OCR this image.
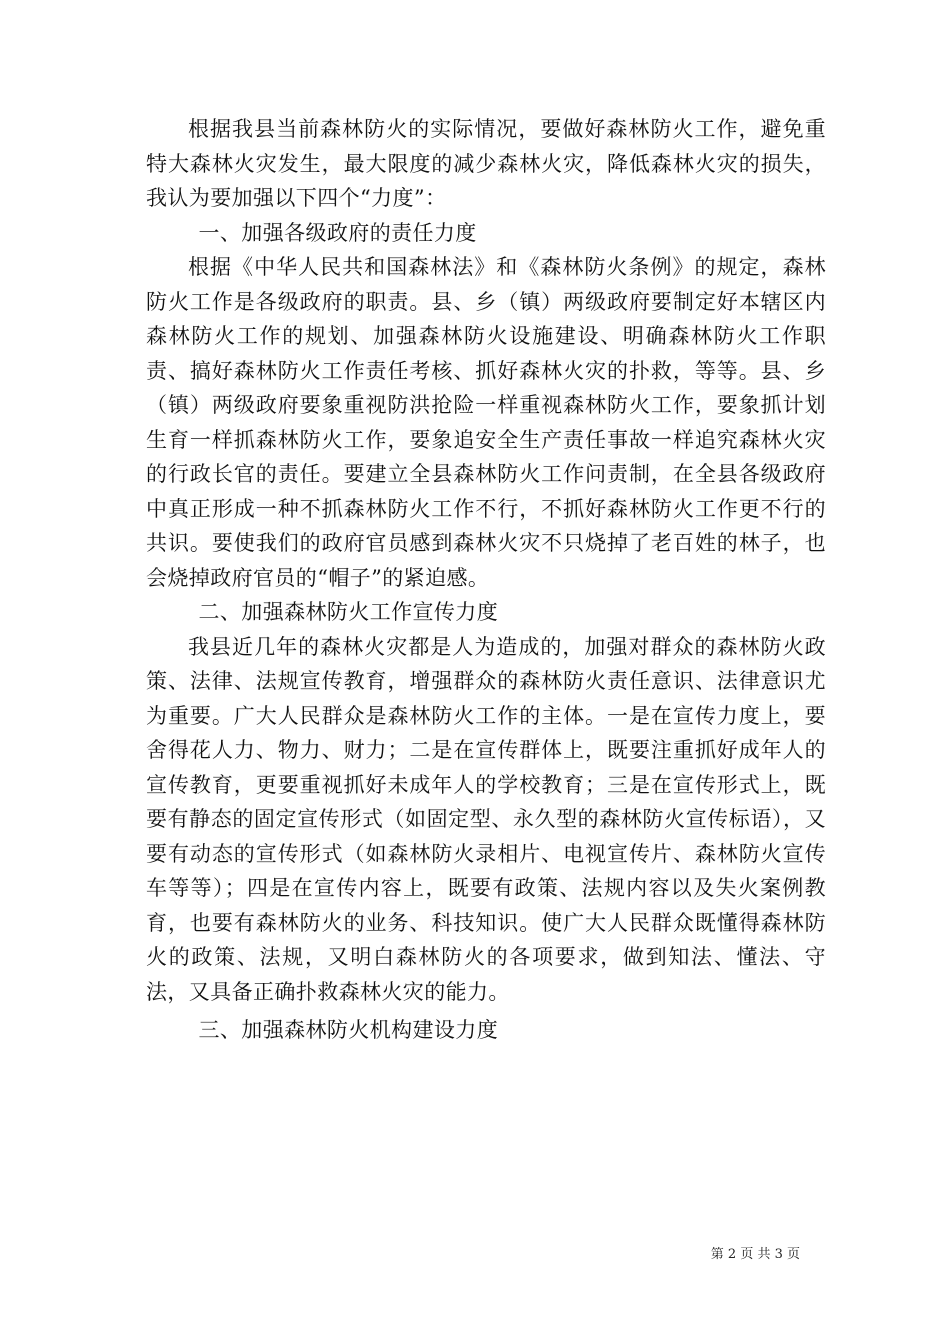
根据我县当前森林防火的实际情况，要做好森林防火工作，避免重特大森林火灾发生，最大限度的减少森林火灾，降低森林火灾的损失，我认为要加强以下四个“力度”：

一、加强各级政府的责任力度

根据《中华人民共和国森林法》和《森林防火条例》的规定，森林防火工作是各级政府的职责。县、乡（镇）两级政府要制定好本辖区内森林防火工作的规划、加强森林防火设施建设、明确森林防火工作职责、搞好森林防火工作责任考核、抓好森林火灾的扑救，等等。县、乡（镇）两级政府要象重视防洪抢险一样重视森林防火工作，要象抓计划生育一样抓森林防火工作，要象追安全生产责任事故一样追究森林火灾的行政长官的责任。要建立全县森林防火工作问责制，在全县各级政府中真正形成一种不抓森林防火工作不行，不抓好森林防火工作更不行的共识。要使我们的政府官员感到森林火灾不只烧掉了老百姓的林子，也会烧掉政府官员的“帽子”的紧迫感。

二、加强森林防火工作宣传力度

我县近几年的森林火灾都是人为造成的，加强对群众的森林防火政策、法律、法规宣传教育，增强群众的森林防火责任意识、法律意识尤为重要。广大人民群众是森林防火工作的主体。一是在宣传力度上，要舍得花人力、物力、财力；二是在宣传群体上，既要注重抓好成年人的宣传教育，更要重视抓好未成年人的学校教育；三是在宣传形式上，既要有静态的固定宣传形式（如固定型、永久型的森林防火宣传标语），又要有动态的宣传形式（如森林防火录相片、电视宣传片、森林防火宣传车等等）；四是在宣传内容上，既要有政策、法规内容以及失火案例教育，也要有森林防火的业务、科技知识。使广大人民群众既懂得森林防火的政策、法规，又明白森林防火的各项要求，做到知法、懂法、守法，又具备正确扑救森林火灾的能力。

三、加强森林防火机构建设力度

第 2 页 共 3 页
